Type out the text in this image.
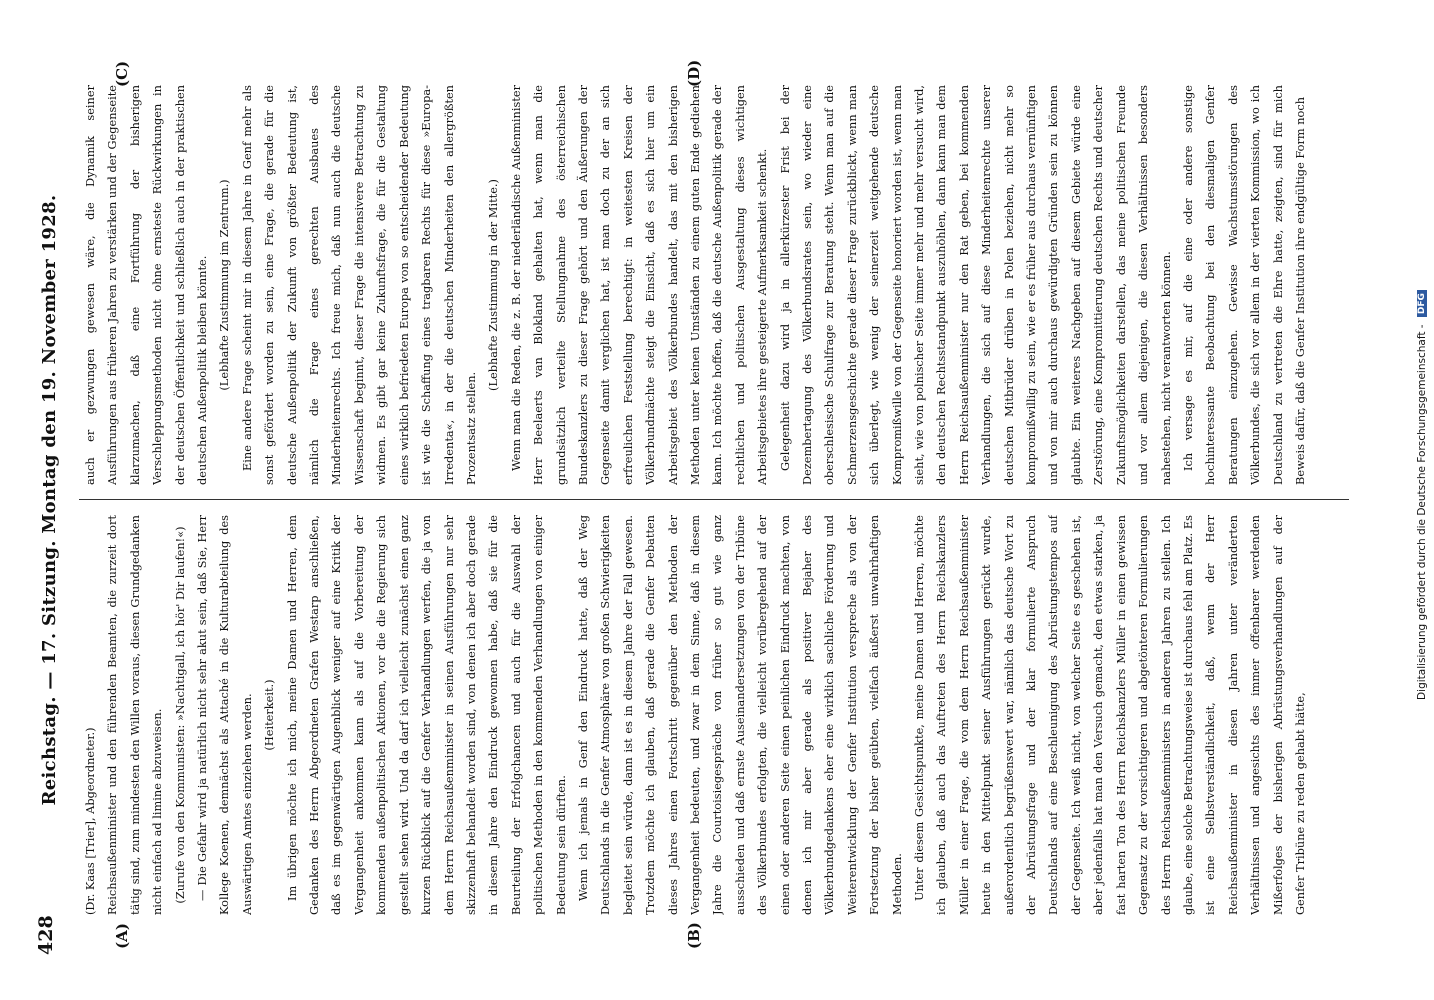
428
Reichstag. — 17. Sitzung. Montag den 19. November 1928.
(A)	(B)
(C)	(D)

(Dr. Kaas [Trier], Abgeordneter.) Reichsaußenminister und den führenden Beamten, die zurzeit dort tätig sind, zum mindesten den Willen voraus, diesen Grundgedanken nicht einfach ad limine abzuweisen. (Zurufe von den Kommunisten: »Nachtigall, ich hör' Dir laufen!«) — Die Gefahr wird ja natürlich nicht sehr akut sein, daß Sie, Herr Kollege Koenen, demnächst als Attaché in die Kulturabteilung des Auswärtigen Amtes einziehen werden. (Heiterkeit.) Im übrigen möchte ich mich, meine Damen und Herren, dem Gedanken des Herrn Abgeordneten Grafen Westarp anschließen, daß es im gegenwärtigen Augenblick weniger auf eine Kritik der Vergangenheit ankommen kann als auf die Vorbereitung der kommenden außenpolitischen Aktionen, vor die die Regierung sich gestellt sehen wird. Und da darf ich vielleicht zunächst einen ganz kurzen Rückblick auf die Genfer Verhandlungen werfen, die ja von dem Herrn Reichsaußenminister in seinen Ausführungen nur sehr skizzenhaft behandelt worden sind, von denen ich aber doch gerade in diesem Jahre den Eindruck gewonnen habe, daß sie für die Beurteilung der Erfolgchancen und auch für die Auswahl der politischen Methoden in den kommenden Verhandlungen von einiger Bedeutung sein dürften. Wenn ich jemals in Genf den Eindruck hatte, daß der Weg Deutschlands in die Genfer Atmosphäre von großen Schwierigkeiten begleitet sein würde, dann ist es in diesem Jahre der Fall gewesen. Trotzdem möchte ich glauben, daß gerade die Genfer Debatten dieses Jahres einen Fortschritt gegenüber den Methoden der Vergangenheit bedeuten, und zwar in dem Sinne, daß in diesem Jahre die Courtoisiegespräche von früher so gut wie ganz ausschieden und daß ernste Auseinandersetzungen von der Tribüne des Völkerbundes erfolgten, die vielleicht vorübergehend auf der einen oder anderen Seite einen peinlichen Eindruck machten, von denen ich mir aber gerade als positiver Bejaher des Völkerbundgedankens eher eine wirklich sachliche Förderung und Weiterentwicklung der Genfer Institution verspreche als von der Fortsetzung der bisher geübten, vielfach äußerst unwahrhaftigen Methoden. Unter diesem Gesichtspunkte, meine Damen und Herren, möchte ich glauben, daß auch das Auftreten des Herrn Reichskanzlers Müller in einer Frage, die vom dem Herrn Reichsaußenminister heute in den Mittelpunkt seiner Ausführungen gerückt wurde, außerordentlich begrüßenswert war, nämlich das deutsche Wort zu der Abrüstungsfrage und der klar formulierte Anspruch Deutschlands auf eine Beschleunigung des Abrüstungstempos auf der Gegenseite. Ich weiß nicht, von welcher Seite es geschehen ist, aber jedenfalls hat man den Versuch gemacht, den etwas starken, ja fast harten Ton des Herrn Reichskanzlers Müller in einen gewissen Gegensatz zu der vorsichtigeren und abgetönteren Formulierungen des Herrn Reichsaußenministers in anderen Jahren zu stellen. Ich glaube, eine solche Betrachtungsweise ist durchaus fehl am Platz. Es ist eine Selbstverständlichkeit, daß, wenn der Herr Reichsaußenminister in diesen Jahren unter veränderten Verhältnissen und angesichts des immer offenbarer werdenden Mißerfolges der bisherigen Abrüstungsverhandlungen auf der Genfer Tribüne zu reden gehabt hätte,

auch er gezwungen gewesen wäre, die Dynamik seiner Ausführungen aus früheren Jahren zu verstärken und der Gegenseite klarzumachen, daß eine Fortführung der bisherigen Verschleppungsmethoden nicht ohne ernsteste Rückwirkungen in der deutschen Öffentlichkeit und schließlich auch in der praktischen deutschen Außenpolitik bleiben könnte. (Lebhafte Zustimmung im Zentrum.) Eine andere Frage scheint mir in diesem Jahre in Genf mehr als sonst gefördert worden zu sein, eine Frage, die gerade für die deutsche Außenpolitik der Zukunft von größter Bedeutung ist, nämlich die Frage eines gerechten Ausbaues des Minderheitenrechts. Ich freue mich, daß nun auch die deutsche Wissenschaft beginnt, dieser Frage die intensivere Betrachtung zu widmen. Es gibt gar keine Zukunftsfrage, die für die Gestaltung eines wirklich befriedeten Europa von so entscheidender Bedeutung ist wie die Schaffung eines tragbaren Rechts für diese »Europa-Irredenta«, in der die deutschen Minderheiten den allergrößten Prozentsatz stellen.

(Lebhafte Zustimmung in der Mitte.) Wenn man die Reden, die z. B. der niederländische Außenminister Herr Beelaerts van Blokland gehalten hat, wenn man die grundsätzlich verteilte Stellungnahme des österreichischen Bundeskanzlers zu dieser Frage gehört und den Äußerungen der Gegenseite damit verglichen hat, ist man doch zu der an sich erfreulichen Feststellung berechtigt: in weitesten Kreisen der Völkerbundmächte steigt die Einsicht, daß es sich hier um ein Arbeitsgebiet des Völkerbundes handelt, das mit den bisherigen Methoden unter keinen Umständen zu einem guten Ende gediehen kann. Ich möchte hoffen, daß die deutsche Außenpolitik gerade der rechtlichen und politischen Ausgestaltung dieses wichtigen Arbeitsgebietes ihre gesteigerte Aufmerksamkeit schenkt. Gelegenheit dazu wird ja in allerkürzester Frist bei der Dezembertagung des Völkerbundsrates sein, wo wieder eine oberschlesische Schulfrage zur Beratung steht. Wenn man auf die Schmerzensgeschichte gerade dieser Frage zurückblickt, wenn man sich überlegt, wie wenig der seinerzeit weitgehende deutsche Kompromißwille von der Gegenseite honoriert worden ist, wenn man sieht, wie von polnischer Seite immer mehr und mehr versucht wird, den deutschen Rechtsstandpunkt auszuhöhlen, dann kann man dem Herrn Reichsaußenminister nur den Rat geben, bei kommenden Verhandlungen, die sich auf diese Minderheitenrechte unserer deutschen Mitbrüder drüben in Polen beziehen, nicht mehr so kompromißwillig zu sein, wie er es früher aus durchaus vernünftigen und von mir auch durchaus gewürdigten Gründen sein zu können glaubte. Ein weiteres Nachgeben auf diesem Gebiete würde eine Zerstörung, eine Kompromittierung deutschen Rechts und deutscher Zukunftsmöglichkeiten darstellen, das meine politischen Freunde und vor allem diejenigen, die diesen Verhältnissen besonders nahestehen, nicht verantworten können. Ich versage es mir, auf die eine oder andere sonstige hochinteressante Beobachtung bei den diesmaligen Genfer Beratungen einzugehen. Gewisse Wachstumsstörungen des Völkerbundes, die sich vor allem in der vierten Kommission, wo ich Deutschland zu vertreten die Ehre hatte, zeigten, sind für mich Beweis dafür, daß die Genfer Institution ihre endgültige Form noch

Digitalisierung gefördert durch die Deutsche Forschungsgemeinschaft - DFG
